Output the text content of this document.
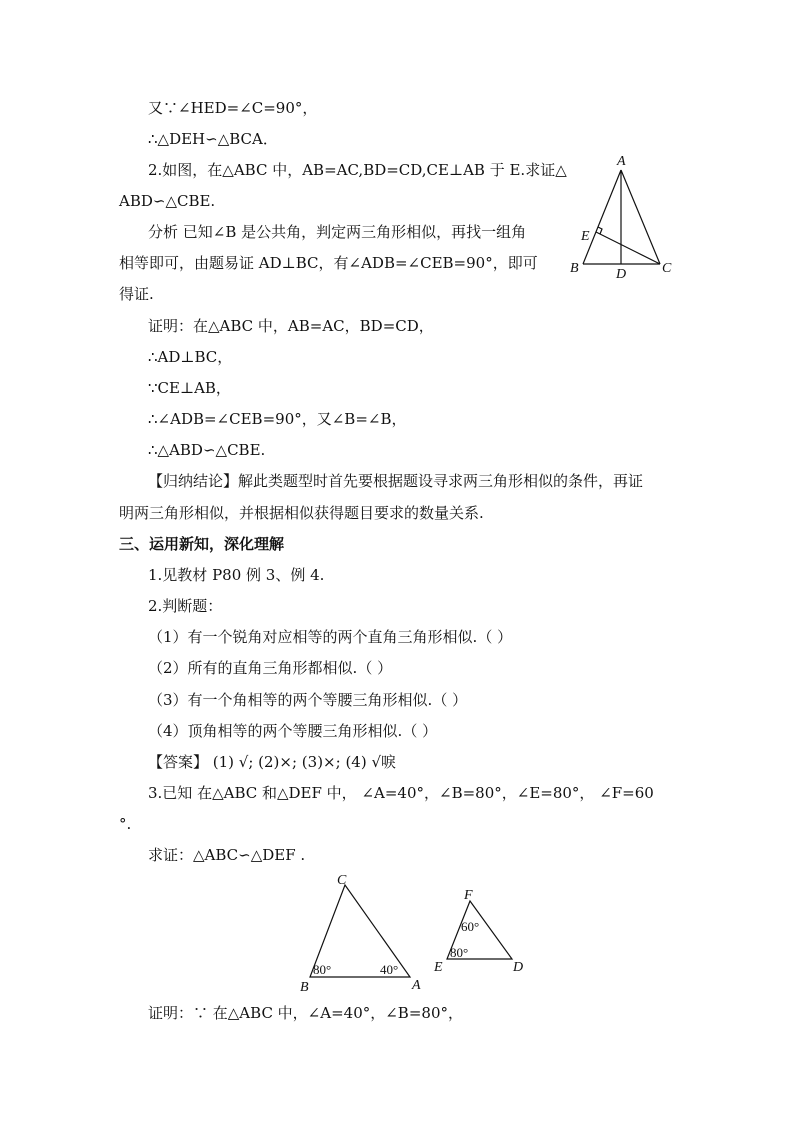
又∵∠HED=∠C=90°，
∴△DEH∽△BCA．
2.如图，在△ABC 中，AB=AC,BD=CD,CE⊥AB 于 E.求证△
ABD∽△CBE.
分析 已知∠B 是公共角，判定两三角形相似，再找一组角
相等即可，由题易证 AD⊥BC，有∠ADB=∠CEB=90°，即可
得证.
证明：在△ABC 中，AB=AC，BD=CD，
∴AD⊥BC，
∵CE⊥AB，
∴∠ADB=∠CEB=90°，又∠B=∠B，
∴△ABD∽△CBE.
【归纳结论】解此类题型时首先要根据题设寻求两三角形相似的条件，再证
明两三角形相似，并根据相似获得题目要求的数量关系.
三、运用新知，深化理解
1.见教材 P80 例 3、例 4.
2.判断题：
（1）有一个锐角对应相等的两个直角三角形相似.（ ）
（2）所有的直角三角形都相似.（ ）
（3）有一个角相等的两个等腰三角形相似.（ ）
（4）顶角相等的两个等腰三角形相似.（ ）
【答案】 (1) √; (2)×; (3)×; (4) √唳
3.已知 在△ABC 和△DEF 中， ∠A=40°，∠B=80°，∠E=80°， ∠F=60
°.
求证：△ABC∽△DEF .
证明：∵ 在△ABC 中，∠A=40°，∠B=80°，
A
B	C
D
E
C
B	A
80°	40°
F
E	D
60°
80°
